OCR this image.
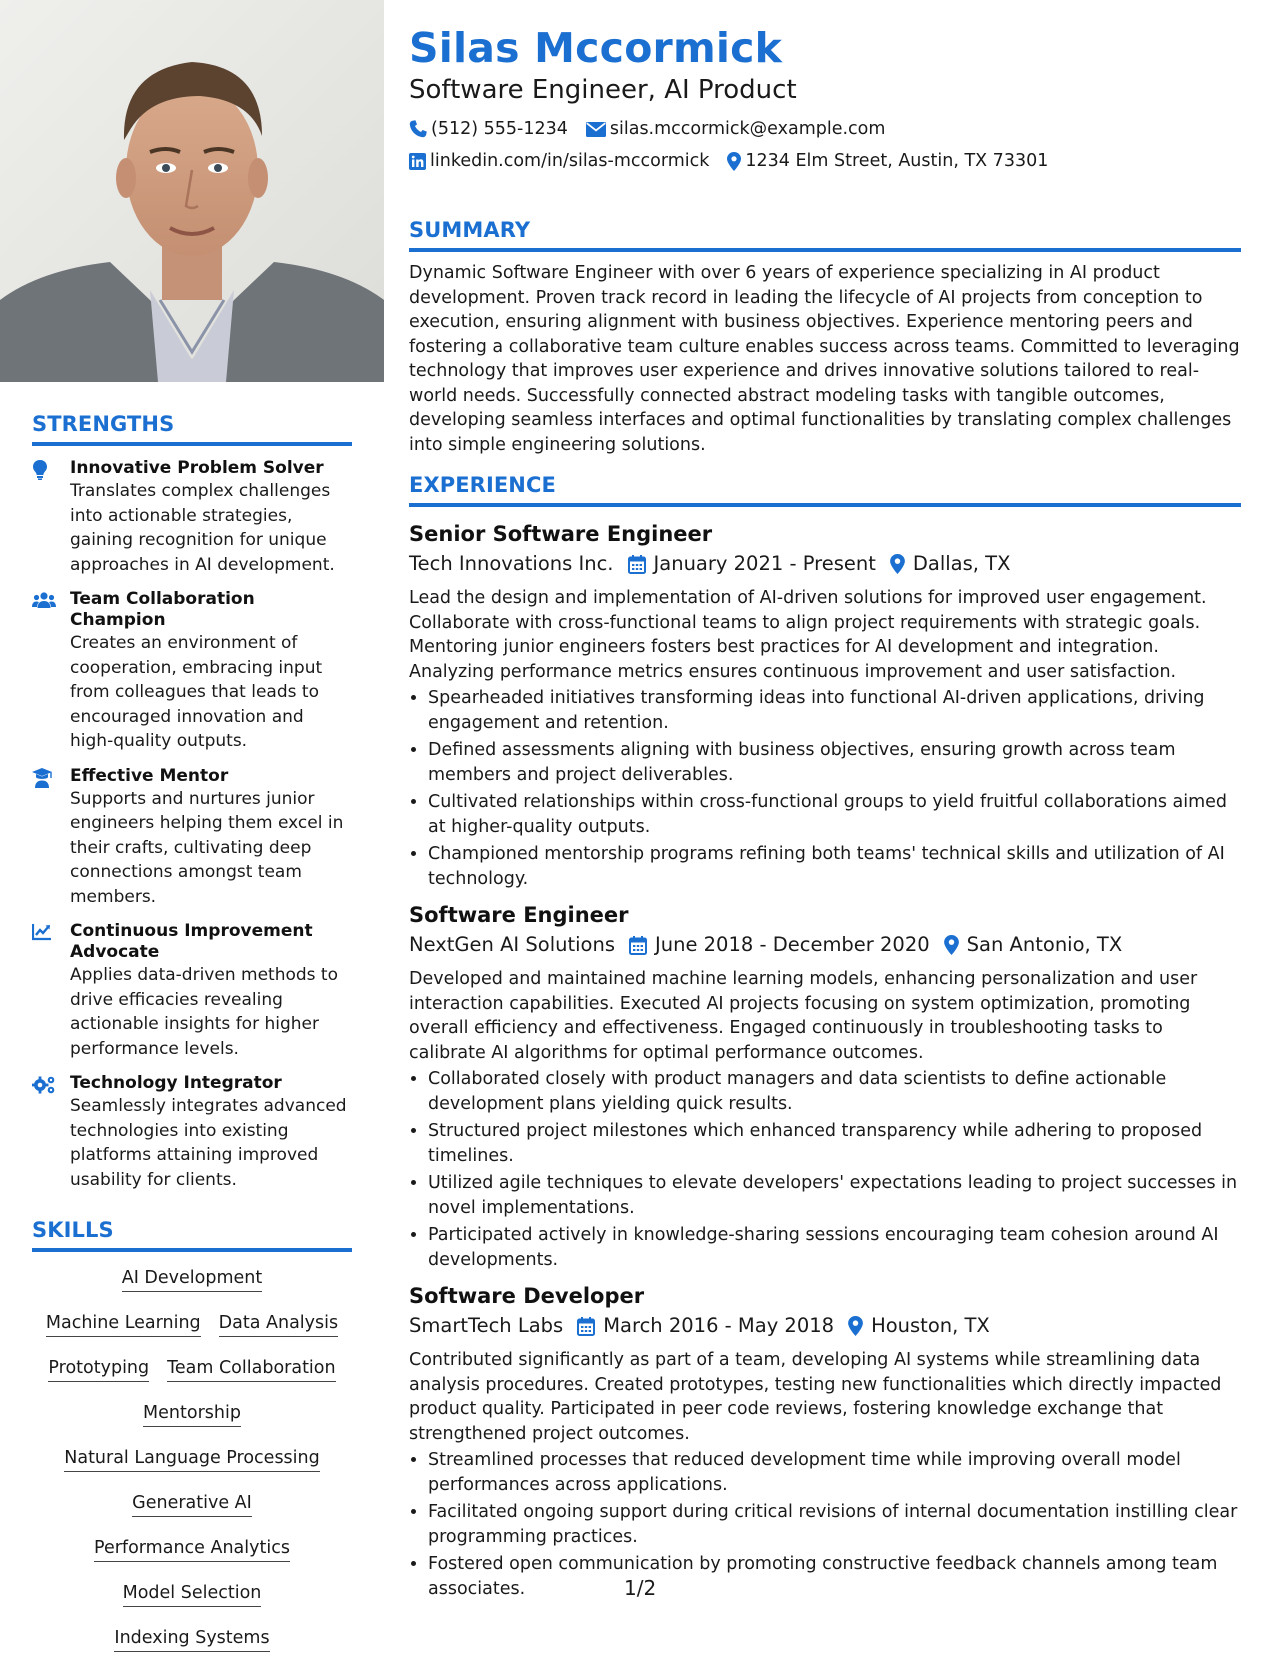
STRENGTHS
Innovative Problem Solver
Translates complex challenges into actionable strategies, gaining recognition for unique approaches in AI development.
Team Collaboration Champion
Creates an environment of cooperation, embracing input from colleagues that leads to encouraged innovation and high-quality outputs.
Effective Mentor
Supports and nurtures junior engineers helping them excel in their crafts, cultivating deep connections amongst team members.
Continuous Improvement Advocate
Applies data-driven methods to drive efficacies revealing actionable insights for higher performance levels.
Technology Integrator
Seamlessly integrates advanced technologies into existing platforms attaining improved usability for clients.
SKILLS
AI Development
Machine Learning Data Analysis
Prototyping Team Collaboration
Mentorship
Natural Language Processing
Generative AI
Performance Analytics
Model Selection
Indexing Systems
Silas Mccormick
Software Engineer, AI Product
(512) 555-1234 silas.mccormick@example.com
linkedin.com/in/silas-mccormick 1234 Elm Street, Austin, TX 73301
SUMMARY
Dynamic Software Engineer with over 6 years of experience specializing in AI product development. Proven track record in leading the lifecycle of AI projects from conception to execution, ensuring alignment with business objectives. Experience mentoring peers and fostering a collaborative team culture enables success across teams. Committed to leveraging technology that improves user experience and drives innovative solutions tailored to real-world needs. Successfully connected abstract modeling tasks with tangible outcomes, developing seamless interfaces and optimal functionalities by translating complex challenges into simple engineering solutions.
EXPERIENCE
Senior Software Engineer
Tech Innovations Inc. January 2021 - Present Dallas, TX
Lead the design and implementation of AI-driven solutions for improved user engagement. Collaborate with cross-functional teams to align project requirements with strategic goals. Mentoring junior engineers fosters best practices for AI development and integration. Analyzing performance metrics ensures continuous improvement and user satisfaction.
• Spearheaded initiatives transforming ideas into functional AI-driven applications, driving engagement and retention.
• Defined assessments aligning with business objectives, ensuring growth across team members and project deliverables.
• Cultivated relationships within cross-functional groups to yield fruitful collaborations aimed at higher-quality outputs.
• Championed mentorship programs refining both teams' technical skills and utilization of AI technology.
Software Engineer
NextGen AI Solutions June 2018 - December 2020 San Antonio, TX
Developed and maintained machine learning models, enhancing personalization and user interaction capabilities. Executed AI projects focusing on system optimization, promoting overall efficiency and effectiveness. Engaged continuously in troubleshooting tasks to calibrate AI algorithms for optimal performance outcomes.
• Collaborated closely with product managers and data scientists to define actionable development plans yielding quick results.
• Structured project milestones which enhanced transparency while adhering to proposed timelines.
• Utilized agile techniques to elevate developers' expectations leading to project successes in novel implementations.
• Participated actively in knowledge-sharing sessions encouraging team cohesion around AI developments.
Software Developer
SmartTech Labs March 2016 - May 2018 Houston, TX
Contributed significantly as part of a team, developing AI systems while streamlining data analysis procedures. Created prototypes, testing new functionalities which directly impacted product quality. Participated in peer code reviews, fostering knowledge exchange that strengthened project outcomes.
• Streamlined processes that reduced development time while improving overall model performances across applications.
• Facilitated ongoing support during critical revisions of internal documentation instilling clear programming practices.
• Fostered open communication by promoting constructive feedback channels among team associates.	1/2
